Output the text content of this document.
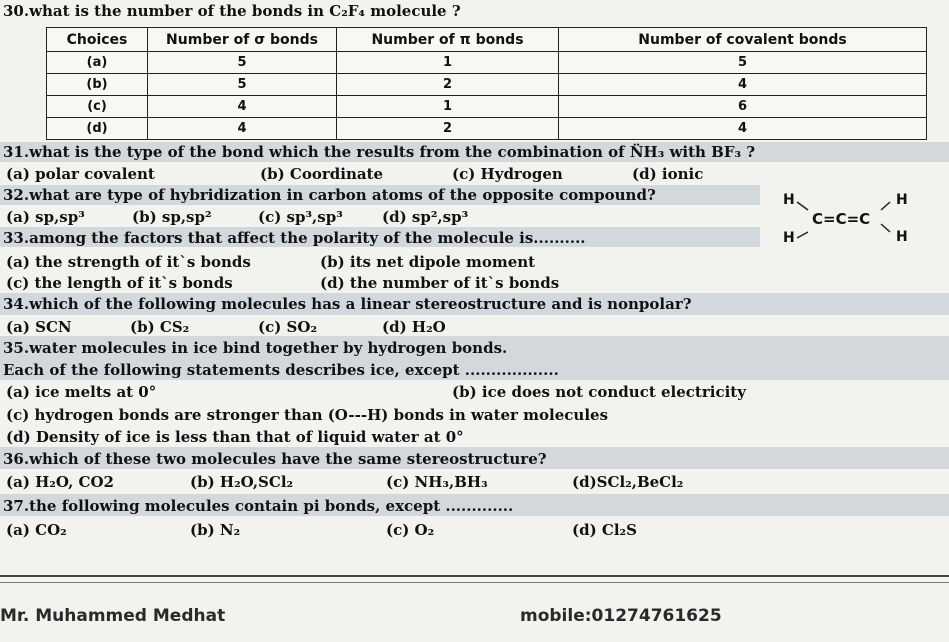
30.what is the number of the bonds in C₂F₄ molecule ?
Choices	Number of σ bonds	Number of π bonds	Number of covalent bonds
(a)	5	1	5
(b)	5	2	4
(c)	4	1	6
(d)	4	2	4
31.what is the type of the bond which the results from the combination of N̈H₃ with BF₃ ?
(a) polar covalent	(b) Coordinate	(c) Hydrogen	(d) ionic
32.what are type of hybridization in carbon atoms of the opposite compound?
(a) sp,sp³	(b) sp,sp²	(c) sp³,sp³	(d) sp²,sp³
H	H
H	H
C=C=C
33.among the factors that affect the polarity of the molecule is..........
(a) the strength of it`s bonds	(b) its net dipole moment
(c) the length of it`s bonds	(d) the number of it`s bonds
34.which of the following molecules has a linear stereostructure and is nonpolar?
(a) SCN	(b) CS₂	(c) SO₂	(d) H₂O
35.water molecules in ice bind together by hydrogen bonds.
Each of the following statements describes ice, except ..................
(a) ice melts at 0°	(b) ice does not conduct electricity
(c) hydrogen bonds are stronger than (O---H) bonds in water molecules
(d) Density of ice is less than that of liquid water at 0°
36.which of these two molecules have the same stereostructure?
(a) H₂O, CO2	(b) H₂O,SCl₂	(c) NH₃,BH₃	(d)SCl₂,BeCl₂
37.the following molecules contain pi bonds, except .............
(a) CO₂	(b) N₂	(c) O₂	(d) Cl₂S
Mr. Muhammed Medhat	mobile:01274761625
